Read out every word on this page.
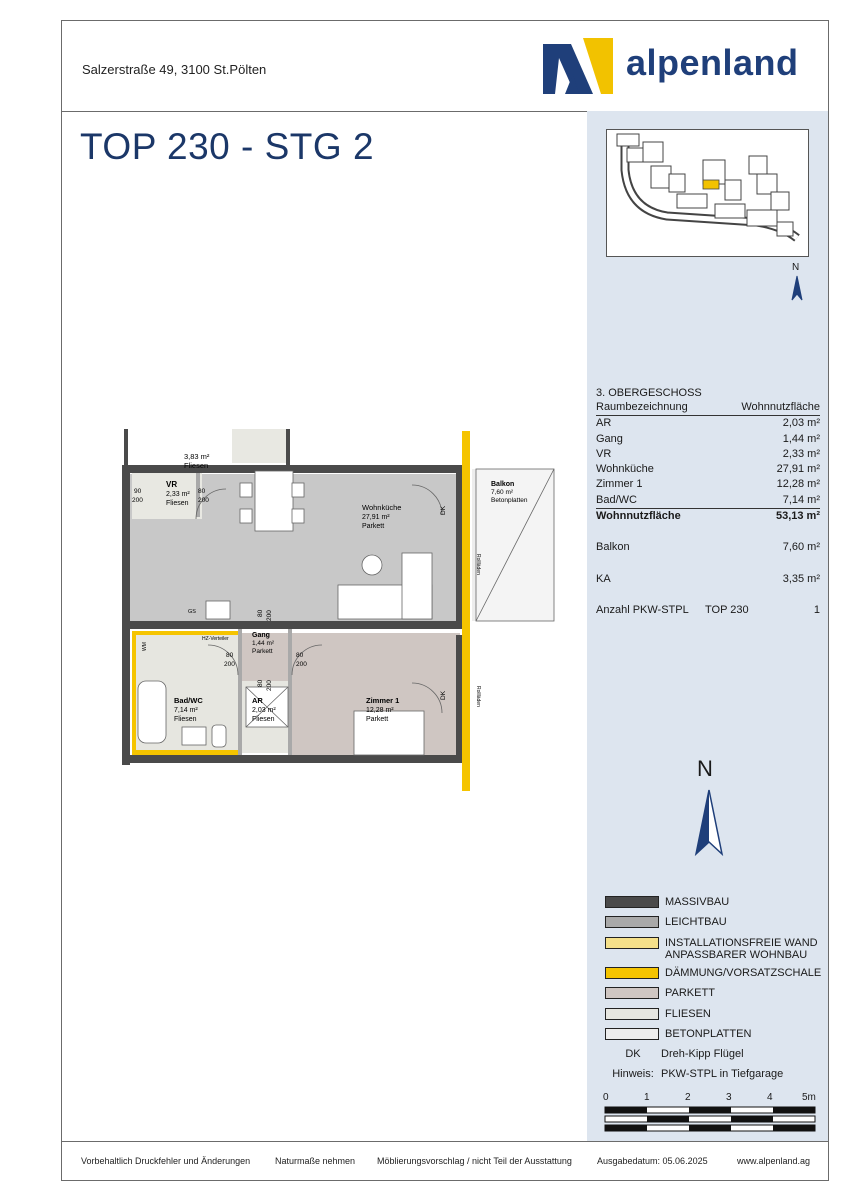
Salzerstraße 49, 3100 St.Pölten	alpenland
TOP 230 - STG 2
N
3. OBERGESCHOSS
Raumbezeichnung	Wohnnutzfläche
AR	2,03 m²
Gang	1,44 m²
VR	2,33 m²
Wohnküche	27,91 m²
Zimmer 1	12,28 m²
Bad/WC	7,14 m²
Wohnnutzfläche	53,13 m²
Balkon	7,60 m²
KA	3,35 m²
Anzahl PKW-STPL TOP 230	1
3,83 m²
Fliesen
VR
2,33 m²
Fliesen	Wohnküche
27,91 m²
Parkett
Balkon
7,60 m²
Betonplatten
Gang
1,44 m²
Parkett
Bad/WC
7,14 m²
Fliesen
AR
2,03 m²
Fliesen
Zimmer 1
12,28 m²
Parkett
90
200
80
200
80
200
80
200
80 200
80 200
DK
DK
Rollläden
Rollläden
GS
WM
HZ-Verteiler
N
MASSIVBAU
LEICHTBAU
INSTALLATIONSFREIE WAND ANPASSBARER WOHNBAU
DÄMMUNG/VORSATZSCHALE
PARKETT
FLIESEN
BETONPLATTEN
DK	Dreh-Kipp Flügel
Hinweis: PKW-STPL in Tiefgarage
0	1	2	3	4	5m
Vorbehaltlich Druckfehler und Änderungen	Naturmaße nehmen Möblierungsvorschlag / nicht Teil der Ausstattung	Ausgabedatum: 05.06.2025	www.alpenland.ag
